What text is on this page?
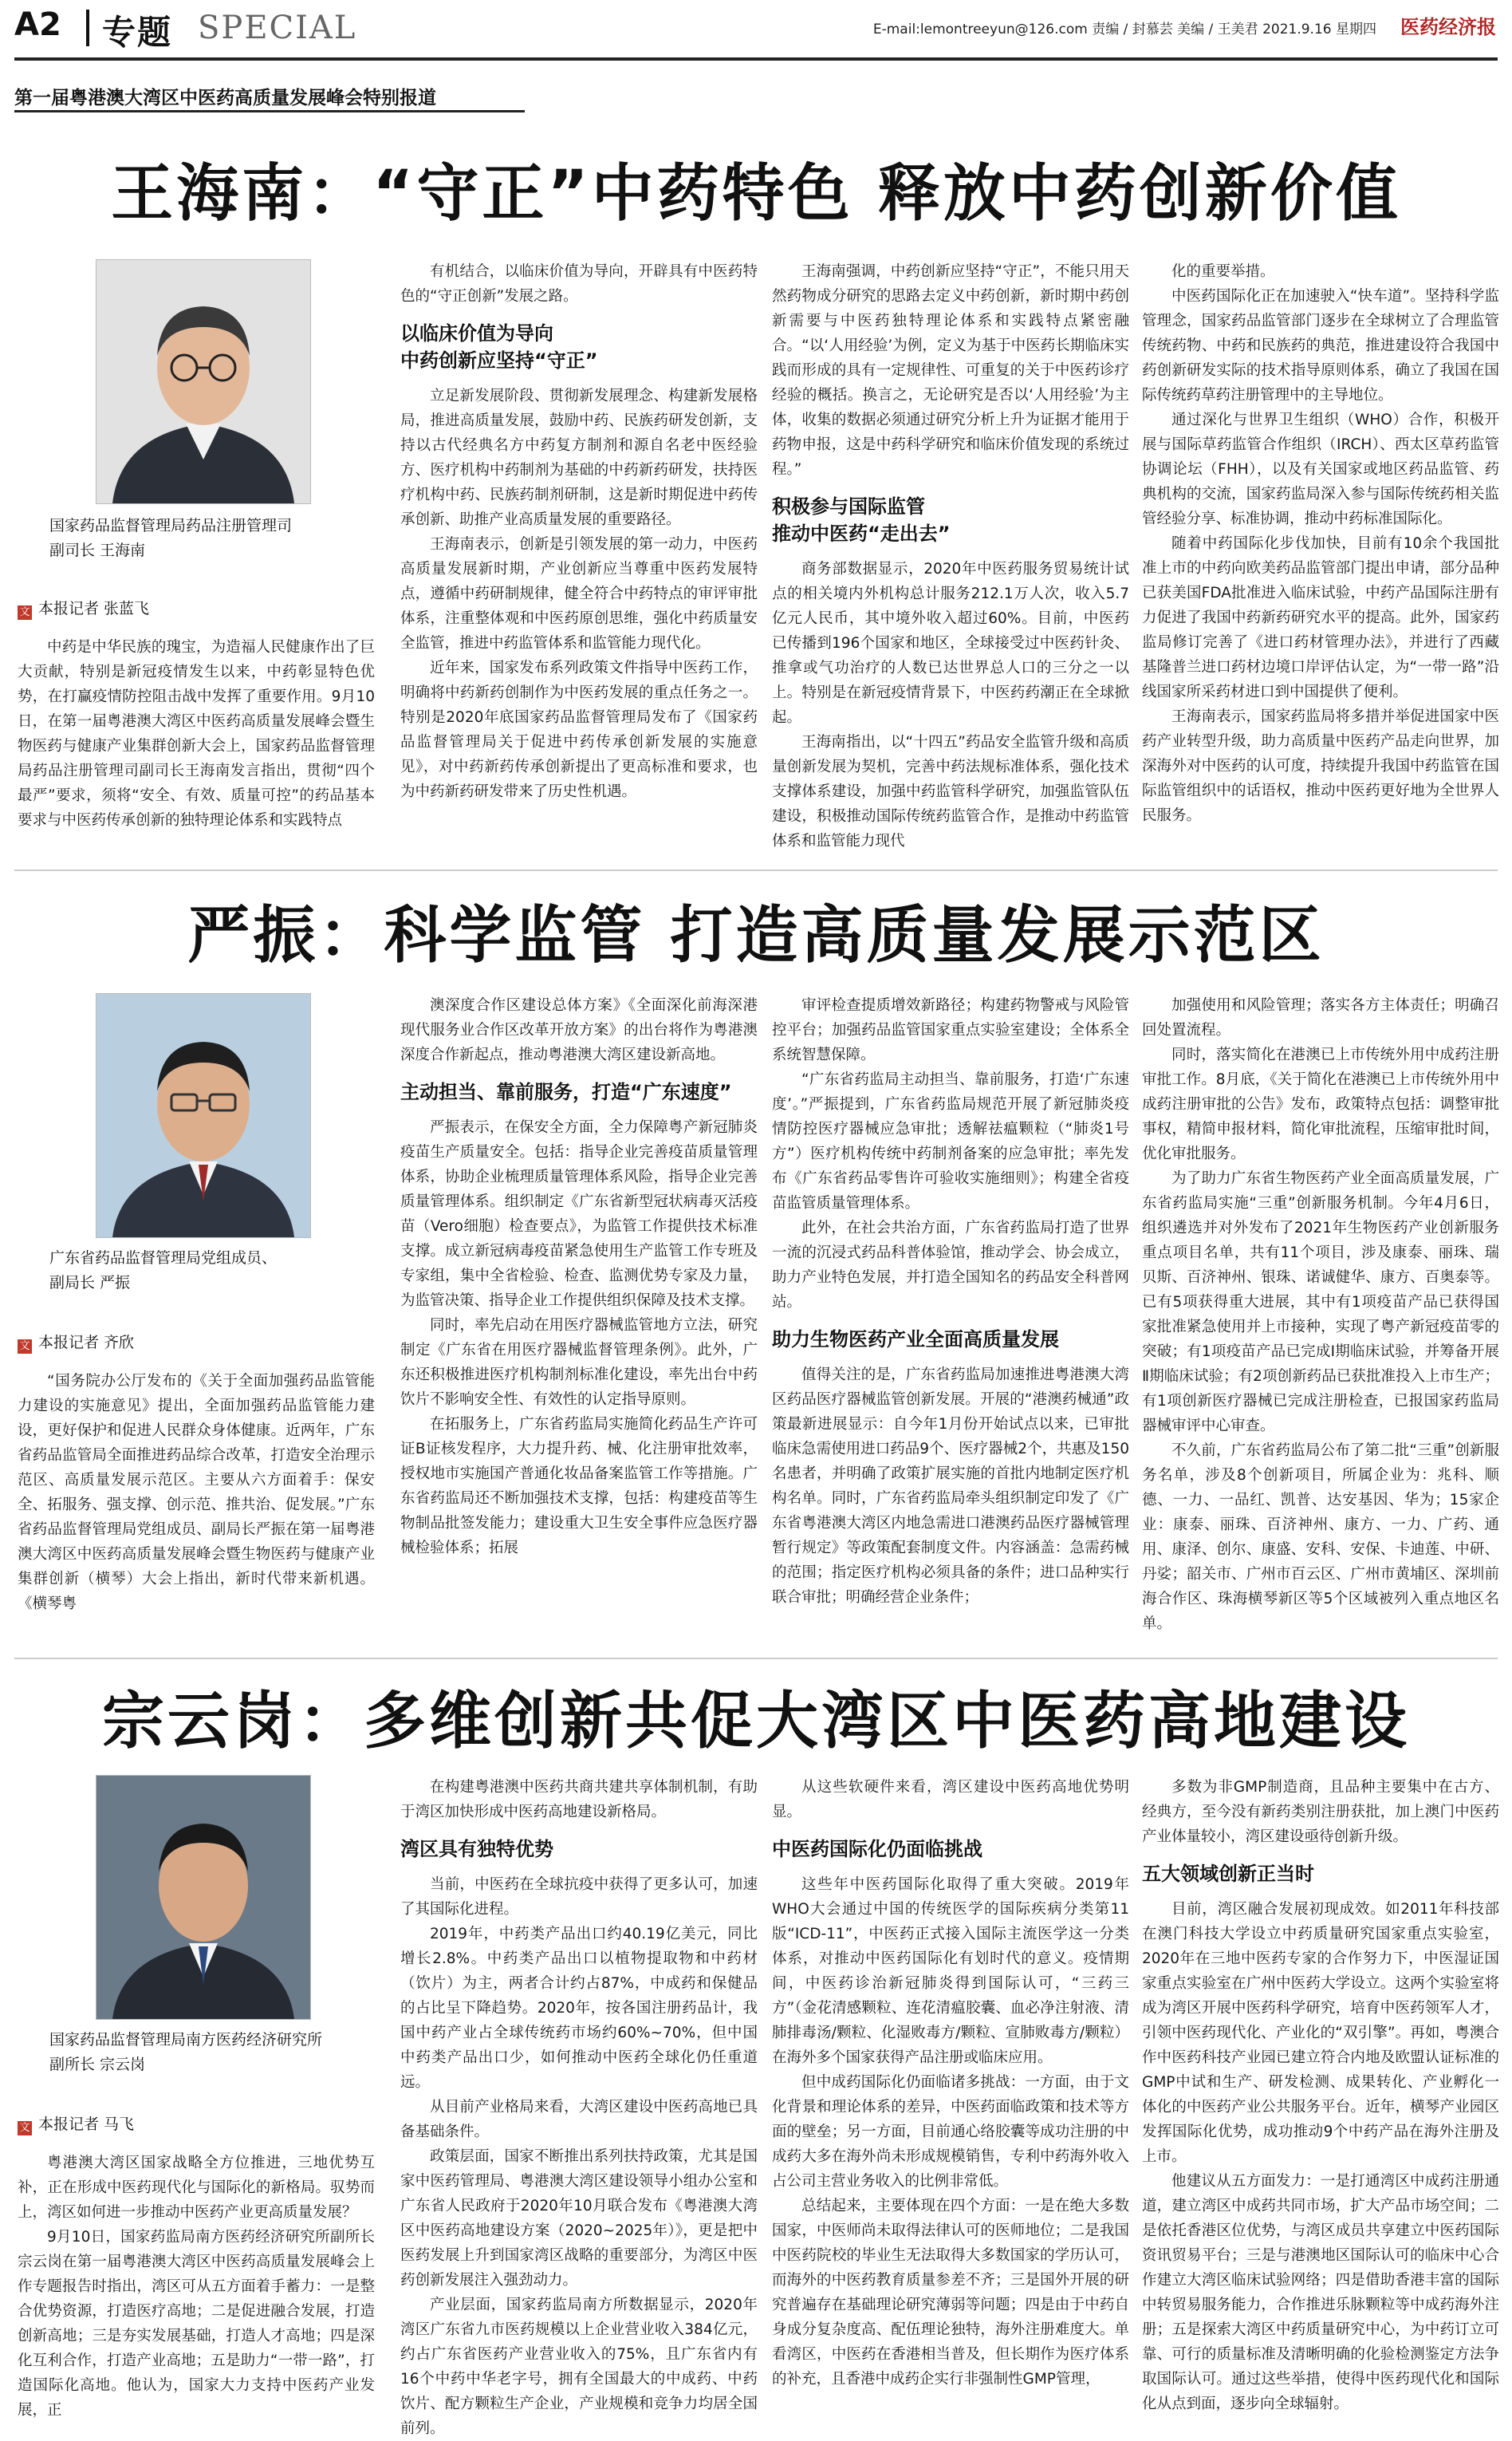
A2 专题 SPECIAL	E-mail:lemontreeyun@126.com 责编 / 封慕芸 美编 / 王美君 2021.9.16 星期四 医药经济报
第一届粤港澳大湾区中医药高质量发展峰会特别报道
王海南：“守正”中药特色 释放中药创新价值
国家药品监督管理局药品注册管理司
副司长 王海南
文 本报记者 张蓝飞

中药是中华民族的瑰宝，为造福人民健康作出了巨大贡献，特别是新冠疫情发生以来，中药彰显特色优势，在打赢疫情防控阻击战中发挥了重要作用。9月10日，在第一届粤港澳大湾区中医药高质量发展峰会暨生物医药与健康产业集群创新大会上，国家药品监督管理局药品注册管理司副司长王海南发言指出，贯彻“四个最严”要求，须将“安全、有效、质量可控”的药品基本要求与中医药传承创新的独特理论体系和实践特点

有机结合，以临床价值为导向，开辟具有中医药特色的“守正创新”发展之路。

以临床价值为导向
中药创新应坚持“守正”

立足新发展阶段、贯彻新发展理念、构建新发展格局，推进高质量发展，鼓励中药、民族药研发创新，支持以古代经典名方中药复方制剂和源自名老中医经验方、医疗机构中药制剂为基础的中药新药研发，扶持医疗机构中药、民族药制剂研制，这是新时期促进中药传承创新、助推产业高质量发展的重要路径。

王海南表示，创新是引领发展的第一动力，中医药高质量发展新时期，产业创新应当尊重中医药发展特点，遵循中药研制规律，健全符合中药特点的审评审批体系，注重整体观和中医药原创思维，强化中药质量安全监管，推进中药监管体系和监管能力现代化。

近年来，国家发布系列政策文件指导中医药工作，明确将中药新药创制作为中医药发展的重点任务之一。特别是2020年底国家药品监督管理局发布了《国家药品监督管理局关于促进中药传承创新发展的实施意见》，对中药新药传承创新提出了更高标准和要求，也为中药新药研发带来了历史性机遇。

王海南强调，中药创新应坚持“守正”，不能只用天然药物成分研究的思路去定义中药创新，新时期中药创新需要与中医药独特理论体系和实践特点紧密融合。“以‘人用经验’为例，定义为基于中医药长期临床实践而形成的具有一定规律性、可重复的关于中医药诊疗经验的概括。换言之，无论研究是否以‘人用经验’为主体，收集的数据必须通过研究分析上升为证据才能用于药物申报，这是中药科学研究和临床价值发现的系统过程。”

积极参与国际监管
推动中医药“走出去”

商务部数据显示，2020年中医药服务贸易统计试点的相关境内外机构总计服务212.1万人次，收入5.7亿元人民币，其中境外收入超过60%。目前，中医药已传播到196个国家和地区，全球接受过中医药针灸、推拿或气功治疗的人数已达世界总人口的三分之一以上。特别是在新冠疫情背景下，中医药药潮正在全球掀起。

王海南指出，以“十四五”药品安全监管升级和高质量创新发展为契机，完善中药法规标准体系，强化技术支撑体系建设，加强中药监管科学研究，加强监管队伍建设，积极推动国际传统药监管合作，是推动中药监管体系和监管能力现代

化的重要举措。

中医药国际化正在加速驶入“快车道”。坚持科学监管理念，国家药品监管部门逐步在全球树立了合理监管传统药物、中药和民族药的典范，推进建设符合我国中药创新研发实际的技术指导原则体系，确立了我国在国际传统药草药注册管理中的主导地位。

通过深化与世界卫生组织（WHO）合作，积极开展与国际草药监管合作组织（IRCH）、西太区草药监管协调论坛（FHH），以及有关国家或地区药品监管、药典机构的交流，国家药监局深入参与国际传统药相关监管经验分享、标准协调，推动中药标准国际化。

随着中药国际化步伐加快，目前有10余个我国批准上市的中药向欧美药品监管部门提出申请，部分品种已获美国FDA批准进入临床试验，中药产品国际注册有力促进了我国中药新药研究水平的提高。此外，国家药监局修订完善了《进口药材管理办法》，并进行了西藏基隆普兰进口药材边境口岸评估认定，为“一带一路”沿线国家所采药材进口到中国提供了便利。

王海南表示，国家药监局将多措并举促进国家中医药产业转型升级，助力高质量中医药产品走向世界，加深海外对中医药的认可度，持续提升我国中药监管在国际监管组织中的话语权，推动中医药更好地为全世界人民服务。

严振：科学监管 打造高质量发展示范区
广东省药品监督管理局党组成员、
副局长 严振
文 本报记者 齐欣

“国务院办公厅发布的《关于全面加强药品监管能力建设的实施意见》提出，全面加强药品监管能力建设，更好保护和促进人民群众身体健康。近两年，广东省药品监管局全面推进药品综合改革，打造安全治理示范区、高质量发展示范区。主要从六方面着手：保安全、拓服务、强支撑、创示范、推共治、促发展。”广东省药品监督管理局党组成员、副局长严振在第一届粤港澳大湾区中医药高质量发展峰会暨生物医药与健康产业集群创新（横琴）大会上指出，新时代带来新机遇。《横琴粤

澳深度合作区建设总体方案》《全面深化前海深港现代服务业合作区改革开放方案》的出台将作为粤港澳深度合作新起点，推动粤港澳大湾区建设新高地。

主动担当、靠前服务，打造“广东速度”

严振表示，在保安全方面，全力保障粤产新冠肺炎疫苗生产质量安全。包括：指导企业完善疫苗质量管理体系，协助企业梳理质量管理体系风险，指导企业完善质量管理体系。组织制定《广东省新型冠状病毒灭活疫苗（Vero细胞）检查要点》，为监管工作提供技术标准支撑。成立新冠病毒疫苗紧急使用生产监管工作专班及专家组，集中全省检验、检查、监测优势专家及力量，为监管决策、指导企业工作提供组织保障及技术支撑。

同时，率先启动在用医疗器械监管地方立法，研究制定《广东省在用医疗器械监督管理条例》。此外，广东还积极推进医疗机构制剂标准化建设，率先出台中药饮片不影响安全性、有效性的认定指导原则。

在拓服务上，广东省药监局实施简化药品生产许可证B证核发程序，大力提升药、械、化注册审批效率，授权地市实施国产普通化妆品备案监管工作等措施。广东省药监局还不断加强技术支撑，包括：构建疫苗等生物制品批签发能力；建设重大卫生安全事件应急医疗器械检验体系；拓展

审评检查提质增效新路径；构建药物警戒与风险管控平台；加强药品监管国家重点实验室建设；全体系全系统智慧保障。

“广东省药监局主动担当、靠前服务，打造‘广东速度’。”严振提到，广东省药监局规范开展了新冠肺炎疫情防控医疗器械应急审批；透解祛瘟颗粒（“肺炎1号方”）医疗机构传统中药制剂备案的应急审批；率先发布《广东省药品零售许可验收实施细则》；构建全省疫苗监管质量管理体系。

此外，在社会共治方面，广东省药监局打造了世界一流的沉浸式药品科普体验馆，推动学会、协会成立，助力产业特色发展，并打造全国知名的药品安全科普网站。

助力生物医药产业全面高质量发展

值得关注的是，广东省药监局加速推进粤港澳大湾区药品医疗器械监管创新发展。开展的“港澳药械通”政策最新进展显示：自今年1月份开始试点以来，已审批临床急需使用进口药品9个、医疗器械2个，共惠及150名患者，并明确了政策扩展实施的首批内地制定医疗机构名单。同时，广东省药监局牵头组织制定印发了《广东省粤港澳大湾区内地急需进口港澳药品医疗器械管理暂行规定》等政策配套制度文件。内容涵盖：急需药械的范围；指定医疗机构必须具备的条件；进口品种实行联合审批；明确经营企业条件；

加强使用和风险管理；落实各方主体责任；明确召回处置流程。

同时，落实简化在港澳已上市传统外用中成药注册审批工作。8月底，《关于简化在港澳已上市传统外用中成药注册审批的公告》发布，政策特点包括：调整审批事权，精简申报材料，简化审批流程，压缩审批时间，优化审批服务。

为了助力广东省生物医药产业全面高质量发展，广东省药监局实施“三重”创新服务机制。今年4月6日，组织遴选并对外发布了2021年生物医药产业创新服务重点项目名单，共有11个项目，涉及康泰、丽珠、瑞贝斯、百济神州、银珠、诺诚健华、康方、百奥泰等。已有5项获得重大进展，其中有1项疫苗产品已获得国家批准紧急使用并上市接种，实现了粤产新冠疫苗零的突破；有1项疫苗产品已完成Ⅰ期临床试验，并筹备开展Ⅱ期临床试验；有2项创新药品已获批准投入上市生产；有1项创新医疗器械已完成注册检查，已报国家药监局器械审评中心审查。

不久前，广东省药监局公布了第二批“三重”创新服务名单，涉及8个创新项目，所属企业为：兆科、顺德、一力、一品红、凯普、达安基因、华为；15家企业：康泰、丽珠、百济神州、康方、一力、广药、通用、康泽、创尔、康盛、安科、安保、卡迪莲、中研、丹娑；韶关市、广州市百云区、广州市黄埔区、深圳前海合作区、珠海横琴新区等5个区域被列入重点地区名单。

宗云岗：多维创新共促大湾区中医药高地建设
国家药品监督管理局南方医药经济研究所
副所长 宗云岗
文 本报记者 马飞

粤港澳大湾区国家战略全方位推进，三地优势互补，正在形成中医药现代化与国际化的新格局。驭势而上，湾区如何进一步推动中医药产业更高质量发展？

9月10日，国家药监局南方医药经济研究所副所长宗云岗在第一届粤港澳大湾区中医药高质量发展峰会上作专题报告时指出，湾区可从五方面着手蓄力：一是整合优势资源，打造医疗高地；二是促进融合发展，打造创新高地；三是夯实发展基础，打造人才高地；四是深化互利合作，打造产业高地；五是助力“一带一路”，打造国际化高地。他认为，国家大力支持中医药产业发展，正

在构建粤港澳中医药共商共建共享体制机制，有助于湾区加快形成中医药高地建设新格局。

湾区具有独特优势

当前，中医药在全球抗疫中获得了更多认可，加速了其国际化进程。

2019年，中药类产品出口约40.19亿美元，同比增长2.8%。中药类产品出口以植物提取物和中药材（饮片）为主，两者合计约占87%，中成药和保健品的占比呈下降趋势。2020年，按各国注册药品计，我国中药产业占全球传统药市场约60%~70%，但中国中药类产品出口少，如何推动中医药全球化仍任重道远。

从目前产业格局来看，大湾区建设中医药高地已具备基础条件。

政策层面，国家不断推出系列扶持政策，尤其是国家中医药管理局、粤港澳大湾区建设领导小组办公室和广东省人民政府于2020年10月联合发布《粤港澳大湾区中医药高地建设方案（2020~2025年）》，更是把中医药发展上升到国家湾区战略的重要部分，为湾区中医药创新发展注入强劲动力。

产业层面，国家药监局南方所数据显示，2020年湾区广东省九市医药规模以上企业营业收入384亿元，约占广东省医药产业营业收入的75%，且广东省内有16个中药中华老字号，拥有全国最大的中成药、中药饮片、配方颗粒生产企业，产业规模和竞争力均居全国前列。

从这些软硬件来看，湾区建设中医药高地优势明显。

中医药国际化仍面临挑战

这些年中医药国际化取得了重大突破。2019年WHO大会通过中国的传统医学的国际疾病分类第11版“ICD-11”，中医药正式接入国际主流医学这一分类体系，对推动中医药国际化有划时代的意义。疫情期间，中医药诊治新冠肺炎得到国际认可，“三药三方”（金花清感颗粒、连花清瘟胶囊、血必净注射液、清肺排毒汤/颗粒、化湿败毒方/颗粒、宣肺败毒方/颗粒）在海外多个国家获得产品注册或临床应用。

但中成药国际化仍面临诸多挑战：一方面，由于文化背景和理论体系的差异，中医药面临政策和技术等方面的壁垒；另一方面，目前通心络胶囊等成功注册的中成药大多在海外尚未形成规模销售，专利中药海外收入占公司主营业务收入的比例非常低。

总结起来，主要体现在四个方面：一是在绝大多数国家，中医师尚未取得法律认可的医师地位；二是我国中医药院校的毕业生无法取得大多数国家的学历认可，而海外的中医药教育质量参差不齐；三是国外开展的研究普遍存在基础理论研究薄弱等问题；四是由于中药自身成分复杂度高、配伍理论独特，海外注册难度大。单看湾区，中医药在香港相当普及，但长期作为医疗体系的补充，且香港中成药企实行非强制性GMP管理，

多数为非GMP制造商，且品种主要集中在古方、经典方，至今没有新药类别注册获批，加上澳门中医药产业体量较小，湾区建设亟待创新升级。

五大领域创新正当时

目前，湾区融合发展初现成效。如2011年科技部在澳门科技大学设立中药质量研究国家重点实验室，2020年在三地中医药专家的合作努力下，中医湿证国家重点实验室在广州中医药大学设立。这两个实验室将成为湾区开展中医药科学研究，培育中医药领军人才，引领中医药现代化、产业化的“双引擎”。再如，粤澳合作中医药科技产业园已建立符合内地及欧盟认证标准的GMP中试和生产、研发检测、成果转化、产业孵化一体化的中医药产业公共服务平台。近年，横琴产业园区发挥国际化优势，成功推动9个中药产品在海外注册及上市。

他建议从五方面发力：一是打通湾区中成药注册通道，建立湾区中成药共同市场，扩大产品市场空间；二是依托香港区位优势，与湾区成员共享建立中医药国际资讯贸易平台；三是与港澳地区国际认可的临床中心合作建立大湾区临床试验网络；四是借助香港丰富的国际中转贸易服务能力，合作推进乐脉颗粒等中成药海外注册；五是探索大湾区中药质量研究中心，为中药订立可靠、可行的质量标准及清晰明确的化验检测鉴定方法争取国际认可。通过这些举措，使得中医药现代化和国际化从点到面，逐步向全球辐射。
